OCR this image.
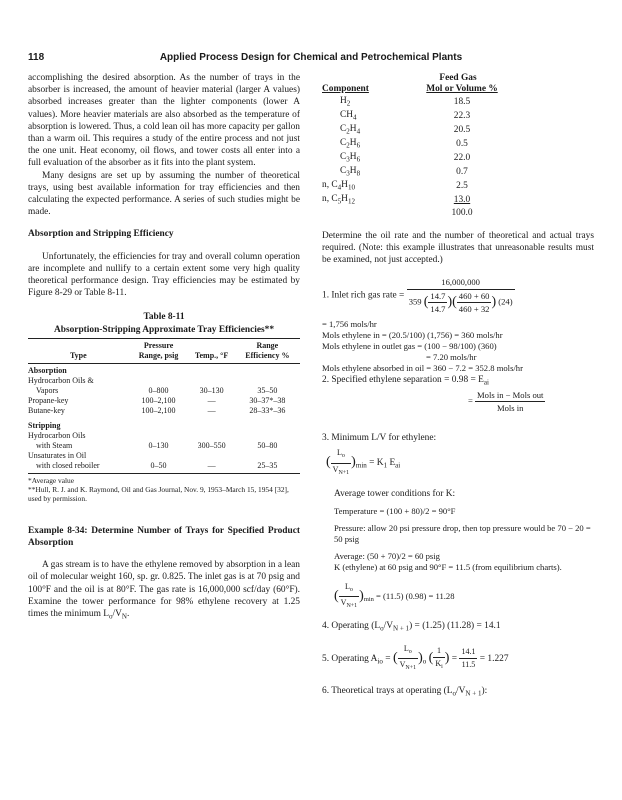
118	Applied Process Design for Chemical and Petrochemical Plants

accomplishing the desired absorption. As the number of trays in the absorber is increased, the amount of heavier material (larger A values) absorbed increases greater than the lighter components (lower A values). More heavier materials are also absorbed as the temperature of absorption is lowered. Thus, a cold lean oil has more capacity per gallon than a warm oil. This requires a study of the entire process and not just the one unit. Heat economy, oil flows, and tower costs all enter into a full evaluation of the absorber as it fits into the plant system.

Many designs are set up by assuming the number of theoretical trays, using best available information for tray efficiencies and then calculating the expected performance. A series of such studies might be made.

Absorption and Stripping Efficiency

Unfortunately, the efficiencies for tray and overall column operation are incomplete and nullify to a certain extent some very high quality theoretical performance design. Tray efficiencies may be estimated by Figure 8-29 or Table 8-11.

Table 8-11
Absorption-Stripping Approximate Tray Efficiencies**
	Pressure		Range
Type	Range, psig	Temp., °F	Efficiency %

Absorption			
Hydrocarbon Oils &			
Vapors	0–800	30–130	35–50
Propane-key	100–2,100	—	30–37*–38
Butane-key	100–2,100	—	28–33*–36

Stripping			
Hydrocarbon Oils			
with Steam	0–130	300–550	50–80
Unsaturates in Oil			
with closed reboiler	0–50	—	25–35
*Average value
**Hull, R. J. and K. Raymond, Oil and Gas Journal, Nov. 9, 1953–March 15, 1954 [32], used by permission.

Example 8-34: Determine Number of Trays for Specified Product Absorption

A gas stream is to have the ethylene removed by absorption in a lean oil of molecular weight 160, sp. gr. 0.825. The inlet gas is at 70 psig and 100°F and the oil is at 80°F. The gas rate is 16,000,000 scf/day (60°F). Examine the tower performance for 98% ethylene recovery at 1.25 times the minimum $L_o/V_N$.

Feed Gas
Component	Mol or Volume %
$H_2$	18.5
$CH_4$	22.3
$C_2H_4$	20.5
$C_2H_6$	0.5
$C_3H_6$	22.0
$C_3H_8$	0.7
n, $C_4H_{10}$	2.5
n, $C_5H_{12}$	13.0
	100.0

Determine the oil rate and the number of theoretical and actual trays required. (Note: this example illustrates that unreasonable results must be examined, not just accepted.)

1. Inlet rich gas rate = $\frac{16,000,000}{359 ( \frac{14.7}{14.7} )( \frac{460 + 60}{460 + 32} ) (24)}$
= 1,756 mols/hr
Mols ethylene in = (20.5/100) (1,756) = 360 mols/hr
Mols ethylene in outlet gas = (100 − 98/100) (360)
= 7.20 mols/hr
Mols ethylene absorbed in oil = 360 − 7.2 = 352.8 mols/hr
2. Specified ethylene separation = $0.98 = E_{ai}$
= $\frac{\text{Mols in − Mols out}}{\text{Mols in}}$
3. Minimum L/V for ethylene:
( $\frac{L_o}{V_{N+1}} )_{min} = K_1$ $E_{ai}$
Average tower conditions for K:
Temperature = (100 + 80)/2 = 90°F
Pressure: allow 20 psi pressure drop, then top pressure would be 70 − 20 = 50 psig
Average: (50 + 70)/2 = 60 psig
K (ethylene) at 60 psig and 90°F = 11.5 (from equilibrium charts).
( $\frac{L_o}{V_{N+1}} )_{min} = (11.5)$ (0.98) = 11.28
4. Operating $(L_o/V_{N + 1}) = (1.25) (11.28) = 14.1$
5. Operating $A_{io}$ = ( $\frac{L_o}{V_{N+1}} )_o$ ( $\frac{1}{K_i}$ ) = $\frac{14.1}{11.5} = 1.227$
6. Theoretical trays at operating $(L_o/V_{N + 1})$:
